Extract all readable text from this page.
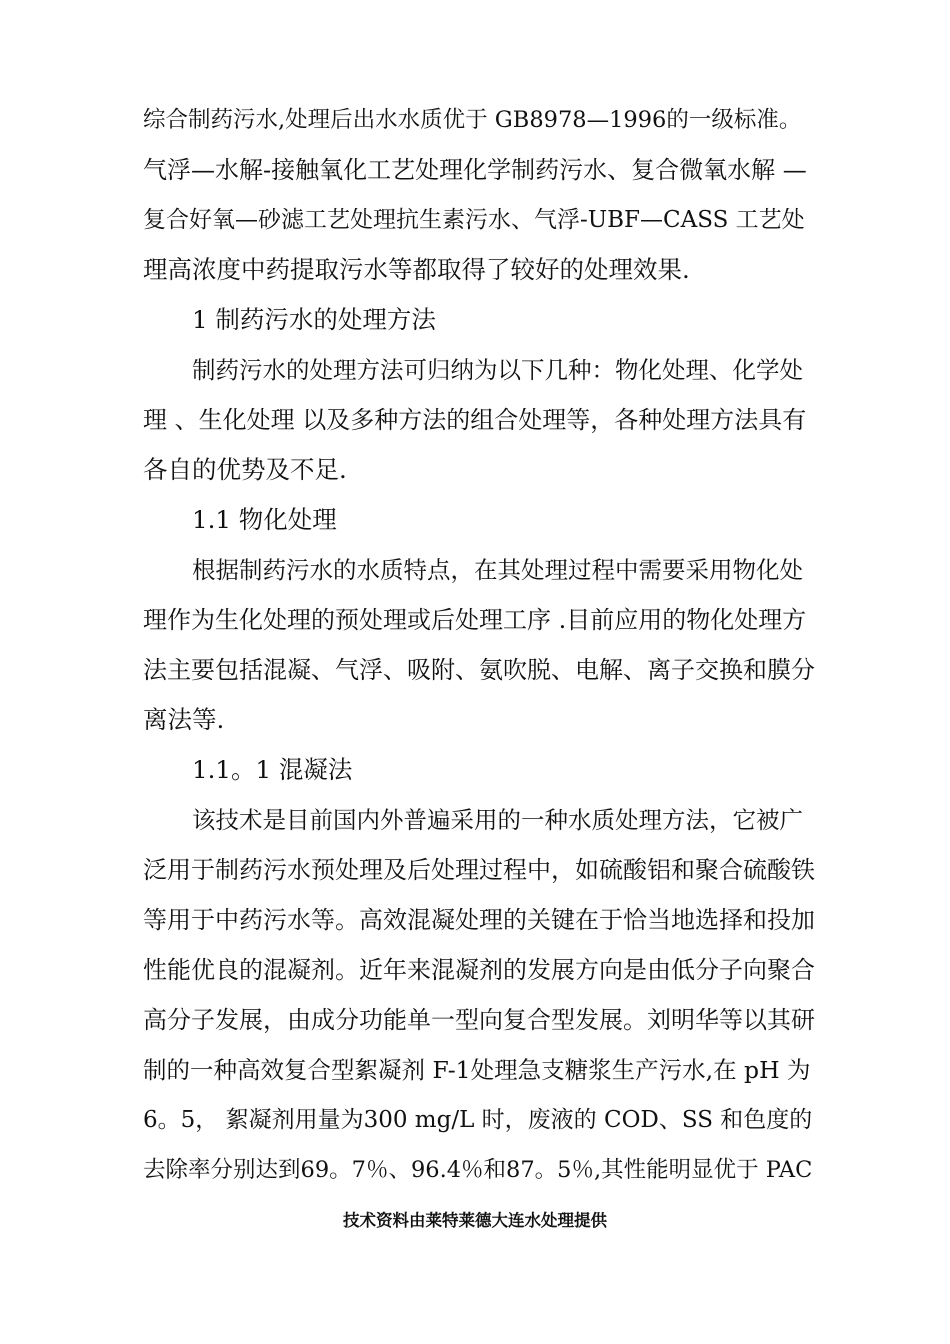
综合制药污水,处理后出水水质优于 GB8978—1996的一级标准。
气浮—水解-接触氧化工艺处理化学制药污水、复合微氧水解 —
复合好氧—砂滤工艺处理抗生素污水、气浮-UBF—CASS 工艺处
理高浓度中药提取污水等都取得了较好的处理效果.
1 制药污水的处理方法
制药污水的处理方法可归纳为以下几种：物化处理、化学处
理 、生化处理 以及多种方法的组合处理等，各种处理方法具有
各自的优势及不足.
1.1 物化处理
根据制药污水的水质特点，在其处理过程中需要采用物化处
理作为生化处理的预处理或后处理工序 .目前应用的物化处理方
法主要包括混凝、气浮、吸附、氨吹脱、电解、离子交换和膜分
离法等.
1.1。1 混凝法
该技术是目前国内外普遍采用的一种水质处理方法，它被广
泛用于制药污水预处理及后处理过程中，如硫酸铝和聚合硫酸铁
等用于中药污水等。高效混凝处理的关键在于恰当地选择和投加
性能优良的混凝剂。近年来混凝剂的发展方向是由低分子向聚合
高分子发展，由成分功能单一型向复合型发展。刘明华等以其研
制的一种高效复合型絮凝剂 F-1处理急支糖浆生产污水,在 pH 为
6。5， 絮凝剂用量为300 mg/L 时，废液的 COD、SS 和色度的
去除率分别达到69。7％、96.4％和87。5％,其性能明显优于 PAC
技术资料由莱特莱德大连水处理提供
